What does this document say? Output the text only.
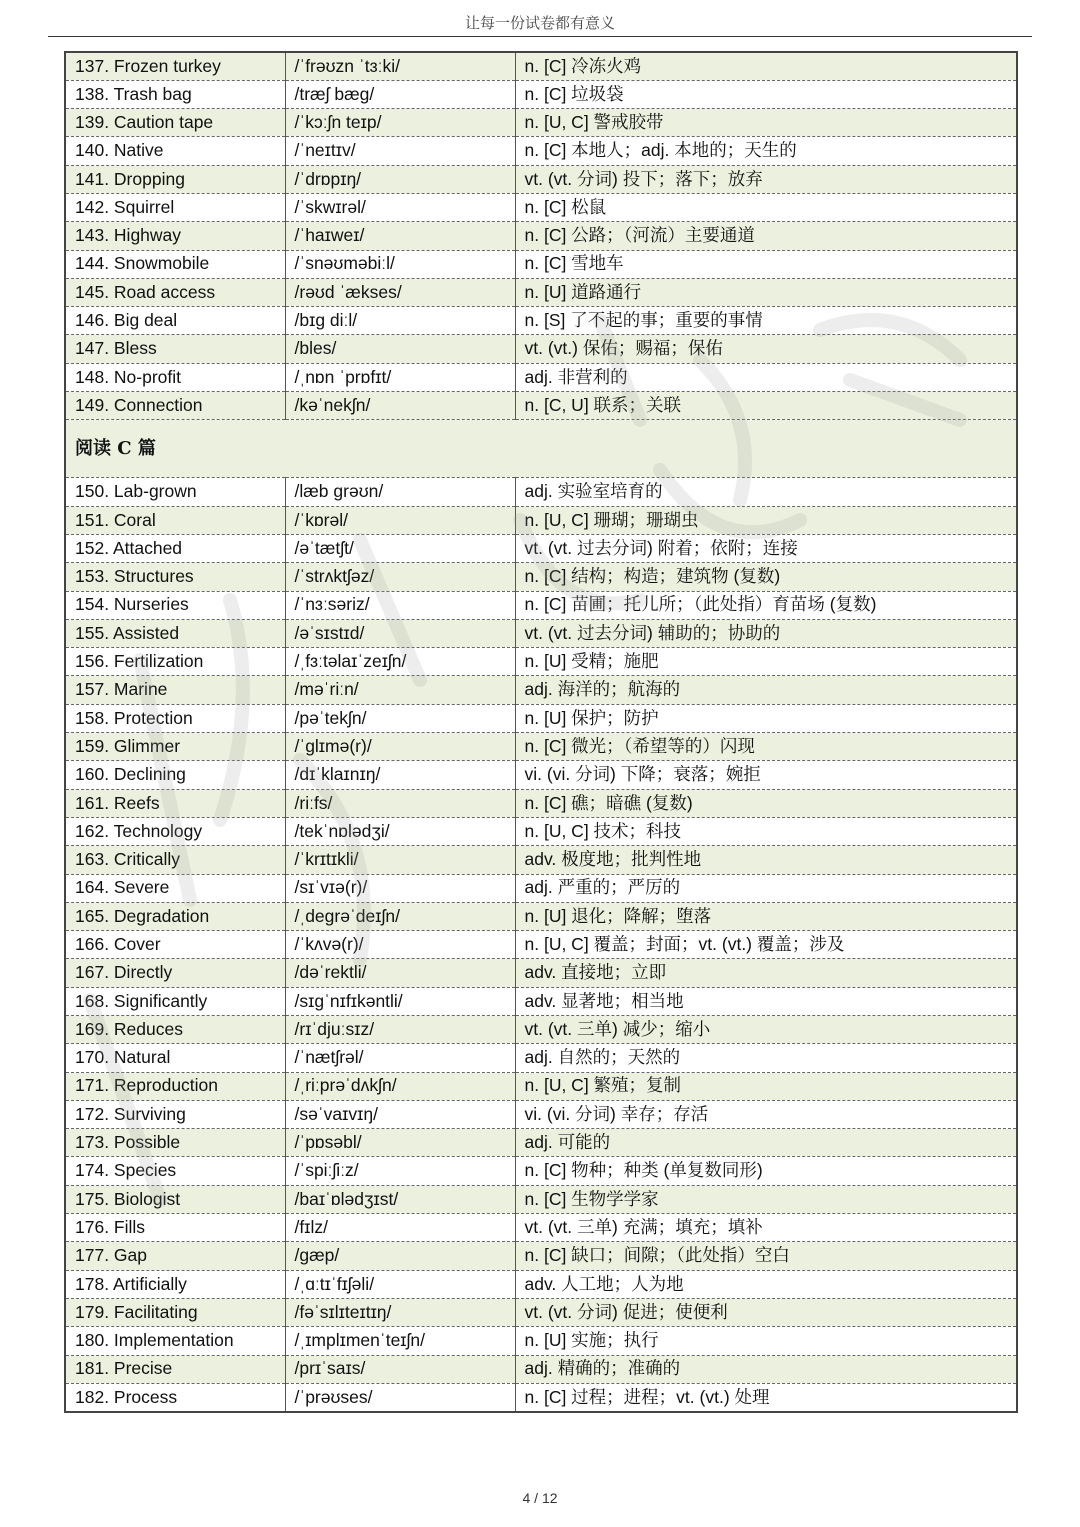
让每一份试卷都有意义
137. Frozen turkey	/ˈfrəʊzn ˈtɜːki/	n. [C] 冷冻火鸡
138. Trash bag	/træʃ bæg/	n. [C] 垃圾袋
139. Caution tape	/ˈkɔːʃn teɪp/	n. [U, C] 警戒胶带
140. Native	/ˈneɪtɪv/	n. [C] 本地人；adj. 本地的；天生的
141. Dropping	/ˈdrɒpɪŋ/	vt. (vt. 分词) 投下；落下；放弃
142. Squirrel	/ˈskwɪrəl/	n. [C] 松鼠
143. Highway	/ˈhaɪweɪ/	n. [C] 公路；（河流）主要通道
144. Snowmobile	/ˈsnəʊməbiːl/	n. [C] 雪地车
145. Road access	/rəʊd ˈækses/	n. [U] 道路通行
146. Big deal	/bɪg diːl/	n. [S] 了不起的事；重要的事情
147. Bless	/bles/	vt. (vt.) 保佑；赐福；保佑
148. No-profit	/ˌnɒn ˈprɒfɪt/	adj. 非营利的
149. Connection	/kəˈnekʃn/	n. [C, U] 联系；关联
阅读 C 篇		
150. Lab-grown	/læb grəʊn/	adj. 实验室培育的
151. Coral	/ˈkɒrəl/	n. [U, C] 珊瑚；珊瑚虫
152. Attached	/əˈtætʃt/	vt. (vt. 过去分词) 附着；依附；连接
153. Structures	/ˈstrʌktʃəz/	n. [C] 结构；构造；建筑物 (复数)
154. Nurseries	/ˈnɜːsəriz/	n. [C] 苗圃；托儿所；（此处指）育苗场 (复数)
155. Assisted	/əˈsɪstɪd/	vt. (vt. 过去分词) 辅助的；协助的
156. Fertilization	/ˌfɜːtəlaɪˈzeɪʃn/	n. [U] 受精；施肥
157. Marine	/məˈriːn/	adj. 海洋的；航海的
158. Protection	/pəˈtekʃn/	n. [U] 保护；防护
159. Glimmer	/ˈglɪmə(r)/	n. [C] 微光；（希望等的）闪现
160. Declining	/dɪˈklaɪnɪŋ/	vi. (vi. 分词) 下降；衰落；婉拒
161. Reefs	/riːfs/	n. [C] 礁；暗礁 (复数)
162. Technology	/tekˈnɒlədʒi/	n. [U, C] 技术；科技
163. Critically	/ˈkrɪtɪkli/	adv. 极度地；批判性地
164. Severe	/sɪˈvɪə(r)/	adj. 严重的；严厉的
165. Degradation	/ˌdegrəˈdeɪʃn/	n. [U] 退化；降解；堕落
166. Cover	/ˈkʌvə(r)/	n. [U, C] 覆盖；封面；vt. (vt.) 覆盖；涉及
167. Directly	/dəˈrektli/	adv. 直接地；立即
168. Significantly	/sɪgˈnɪfɪkəntli/	adv. 显著地；相当地
169. Reduces	/rɪˈdjuːsɪz/	vt. (vt. 三单) 减少；缩小
170. Natural	/ˈnætʃrəl/	adj. 自然的；天然的
171. Reproduction	/ˌriːprəˈdʌkʃn/	n. [U, C] 繁殖；复制
172. Surviving	/səˈvaɪvɪŋ/	vi. (vi. 分词) 幸存；存活
173. Possible	/ˈpɒsəbl/	adj. 可能的
174. Species	/ˈspiːʃiːz/	n. [C] 物种；种类 (单复数同形)
175. Biologist	/baɪˈɒlədʒɪst/	n. [C] 生物学学家
176. Fills	/fɪlz/	vt. (vt. 三单) 充满；填充；填补
177. Gap	/gæp/	n. [C] 缺口；间隙；（此处指）空白
178. Artificially	/ˌɑːtɪˈfɪʃəli/	adv. 人工地；人为地
179. Facilitating	/fəˈsɪlɪteɪtɪŋ/	vt. (vt. 分词) 促进；使便利
180. Implementation	/ˌɪmplɪmenˈteɪʃn/	n. [U] 实施；执行
181. Precise	/prɪˈsaɪs/	adj. 精确的；准确的
182. Process	/ˈprəʊses/	n. [C] 过程；进程；vt. (vt.) 处理
4 / 12
